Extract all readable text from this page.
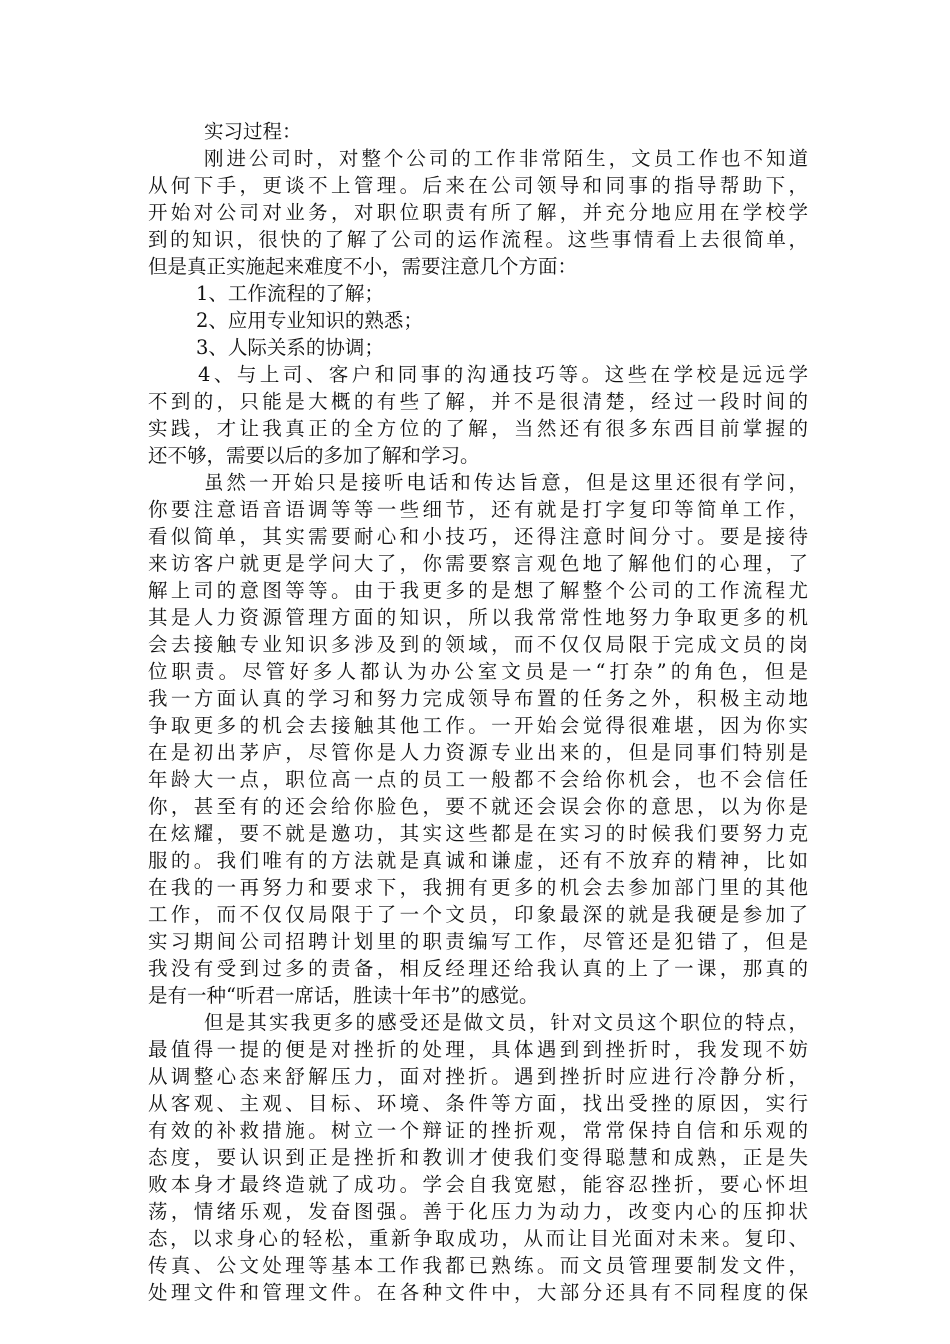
实习过程：
刚进公司时，对整个公司的工作非常陌生，文员工作也不知道
从何下手，更谈不上管理。后来在公司领导和同事的指导帮助下，
开始对公司对业务，对职位职责有所了解，并充分地应用在学校学
到的知识，很快的了解了公司的运作流程。这些事情看上去很简单，
但是真正实施起来难度不小，需要注意几个方面：
1、工作流程的了解；
2、应用专业知识的熟悉；
3、人际关系的协调；
4、与上司、客户和同事的沟通技巧等。这些在学校是远远学
不到的，只能是大概的有些了解，并不是很清楚，经过一段时间的
实践，才让我真正的全方位的了解，当然还有很多东西目前掌握的
还不够，需要以后的多加了解和学习。
虽然一开始只是接听电话和传达旨意，但是这里还很有学问，
你要注意语音语调等等一些细节，还有就是打字复印等简单工作，
看似简单，其实需要耐心和小技巧，还得注意时间分寸。要是接待
来访客户就更是学问大了，你需要察言观色地了解他们的心理，了
解上司的意图等等。由于我更多的是想了解整个公司的工作流程尤
其是人力资源管理方面的知识，所以我常常性地努力争取更多的机
会去接触专业知识多涉及到的领域，而不仅仅局限于完成文员的岗
位职责。尽管好多人都认为办公室文员是一“打杂”的角色，但是
我一方面认真的学习和努力完成领导布置的任务之外，积极主动地
争取更多的机会去接触其他工作。一开始会觉得很难堪，因为你实
在是初出茅庐，尽管你是人力资源专业出来的，但是同事们特别是
年龄大一点，职位高一点的员工一般都不会给你机会，也不会信任
你，甚至有的还会给你脸色，要不就还会误会你的意思，以为你是
在炫耀，要不就是邀功，其实这些都是在实习的时候我们要努力克
服的。我们唯有的方法就是真诚和谦虚，还有不放弃的精神，比如
在我的一再努力和要求下，我拥有更多的机会去参加部门里的其他
工作，而不仅仅局限于了一个文员，印象最深的就是我硬是参加了
实习期间公司招聘计划里的职责编写工作，尽管还是犯错了，但是
我没有受到过多的责备，相反经理还给我认真的上了一课，那真的
是有一种“听君一席话，胜读十年书”的感觉。
但是其实我更多的感受还是做文员，针对文员这个职位的特点，
最值得一提的便是对挫折的处理，具体遇到到挫折时，我发现不妨
从调整心态来舒解压力，面对挫折。遇到挫折时应进行冷静分析，
从客观、主观、目标、环境、条件等方面，找出受挫的原因，实行
有效的补救措施。树立一个辩证的挫折观，常常保持自信和乐观的
态度，要认识到正是挫折和教训才使我们变得聪慧和成熟，正是失
败本身才最终造就了成功。学会自我宽慰，能容忍挫折，要心怀坦
荡，情绪乐观，发奋图强。善于化压力为动力，改变内心的压抑状
态，以求身心的轻松，重新争取成功，从而让目光面对未来。复印、
传真、公文处理等基本工作我都已熟练。而文员管理要制发文件，
处理文件和管理文件。在各种文件中，大部分还具有不同程度的保
